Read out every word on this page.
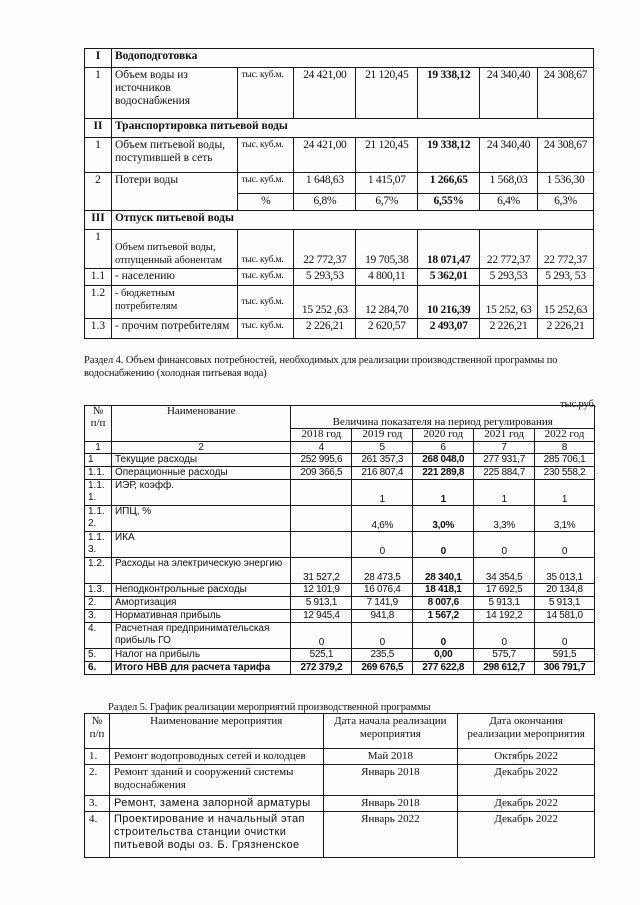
I	Водоподготовка						
1	Объем воды из источников водоснабжения	тыс. куб.м.	24 421,00	21 120,45	19 338,12	24 340,40	24 308,67
II	Транспортировка питьевой воды						
1	Объем питьевой воды, поступившей в сеть	тыс. куб.м.	24 421,00	21 120,45	19 338,12	24 340,40	24 308,67
2	Потери воды	тыс. куб.м.	1 648,63	1 415,07	1 266,65	1 568,03	1 536,30
		%	6,8%	6,7%	6,55%	6,4%	6,3%
III	Отпуск питьевой воды						
1	Объем питьевой воды, отпущенный абонентам	тыс. куб.м.	22 772,37	19 705,38	18 071,47	22 772,37	22 772,37
1.1	- населению	тыс. куб.м.	5 293,53	4 800,11	5 362,01	5 293,53	5 293, 53
1.2	- бюджетным потребителям	тыс. куб.м.	15 252 ,63	12 284,70	10 216,39	15 252, 63	15 252,63
1.3	- прочим потребителям	тыс. куб.м.	2 226,21	2 620,57	2 493,07	2 226,21	2 226,21
Раздел 4. Объем финансовых потребностей, необходимых для реализации производственной программы по водоснабжению (холодная питьевая вода)
тыс.руб.
№ п/п	Наименование	Величина показателя на период регулирования				
		2018 год	2019 год	2020 год	2021 год	2022 год
1	2	4	5	6	7	8
1	Текущие расходы	252 995,6	261 357,3	268 048,0	277 931,7	285 706,1
1.1.	Операционные расходы	209 366,5	216 807,4	221 289,8	225 884,7	230 558,2
1.1. 1.	ИЭР, коэфф.		1	1	1	1
1.1. 2.	ИПЦ, %		4,6%	3,0%	3,3%	3,1%
1.1. 3.	ИКА		0	0	0	0
1.2.	Расходы на электрическую энергию	31 527,2	28 473,5	28 340,1	34 354,5	35 013,1
1.3.	Неподконтрольные расходы	12 101,9	16 076,4	18 418,1	17 692,5	20 134,8
2.	Амортизация	5 913,1	7 141,9	8 007,6	5 913,1	5 913,1
3.	Нормативная прибыль	12 945,4	941,8	1 567,2	14 192,2	14 581,0
4.	Расчетная предпринимательская прибыль ГО	0	0	0	0	0
5.	Налог на прибыль	525,1	235,5	0,00	575,7	591,5
6.	Итого НВВ для расчета тарифа	272 379,2	269 676,5	277 622,8	298 612,7	306 791,7
Раздел 5. График реализации мероприятий производственной программы
№ п/п	Наименование мероприятия	Дата начала реализации мероприятия	Дата окончания реализации мероприятия
1.	Ремонт водопроводных сетей и колодцев	Май 2018	Октябрь 2022
2.	Ремонт зданий и сооружений системы водоснабжения	Январь 2018	Декабрь 2022
3.	Ремонт, замена запорной арматуры	Январь 2018	Декабрь 2022
4.	Проектирование и начальный этап строительства станции очистки питьевой воды оз. Б. Грязненское	Январь 2022	Декабрь 2022
